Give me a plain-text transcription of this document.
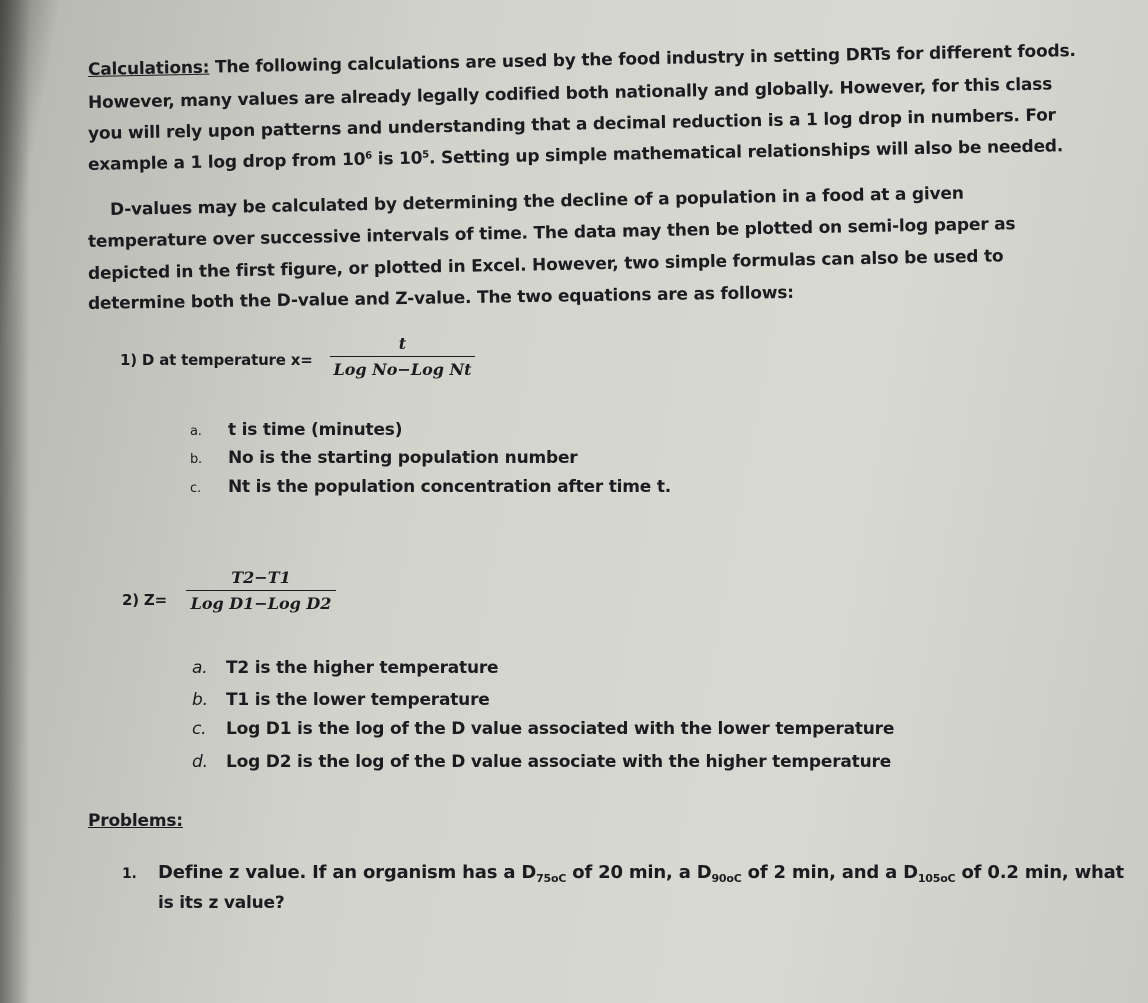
Calculations: The following calculations are used by the food industry in setting DRTs for different foods.
However, many values are already legally codified both nationally and globally. However, for this class
you will rely upon patterns and understanding that a decimal reduction is a 1 log drop in numbers. For
example a 1 log drop from $10^6$ is $10^5$. Setting up simple mathematical relationships will also be needed.
D-values may be calculated by determining the decline of a population in a food at a given
temperature over successive intervals of time. The data may then be plotted on semi-log paper as
depicted in the first figure, or plotted in Excel. However, two simple formulas can also be used to
determine both the D-value and Z-value. The two equations are as follows:
1) D at temperature x=
t
Log No−Log Nt
a. t is time (minutes)
b. No is the starting population number
c. Nt is the population concentration after time t.
2) Z=
T2−T1
Log D1−Log D2
a. T2 is the higher temperature
b. T1 is the lower temperature
c. Log D1 is the log of the D value associated with the lower temperature
d. Log D2 is the log of the D value associate with the higher temperature
Problems:
1. Define z value. If an organism has a $D_{75oC}$ of 20 min, a $D_{90oC}$ of 2 min, and a $D_{105oC}$ of 0.2 min, what
is its z value?
